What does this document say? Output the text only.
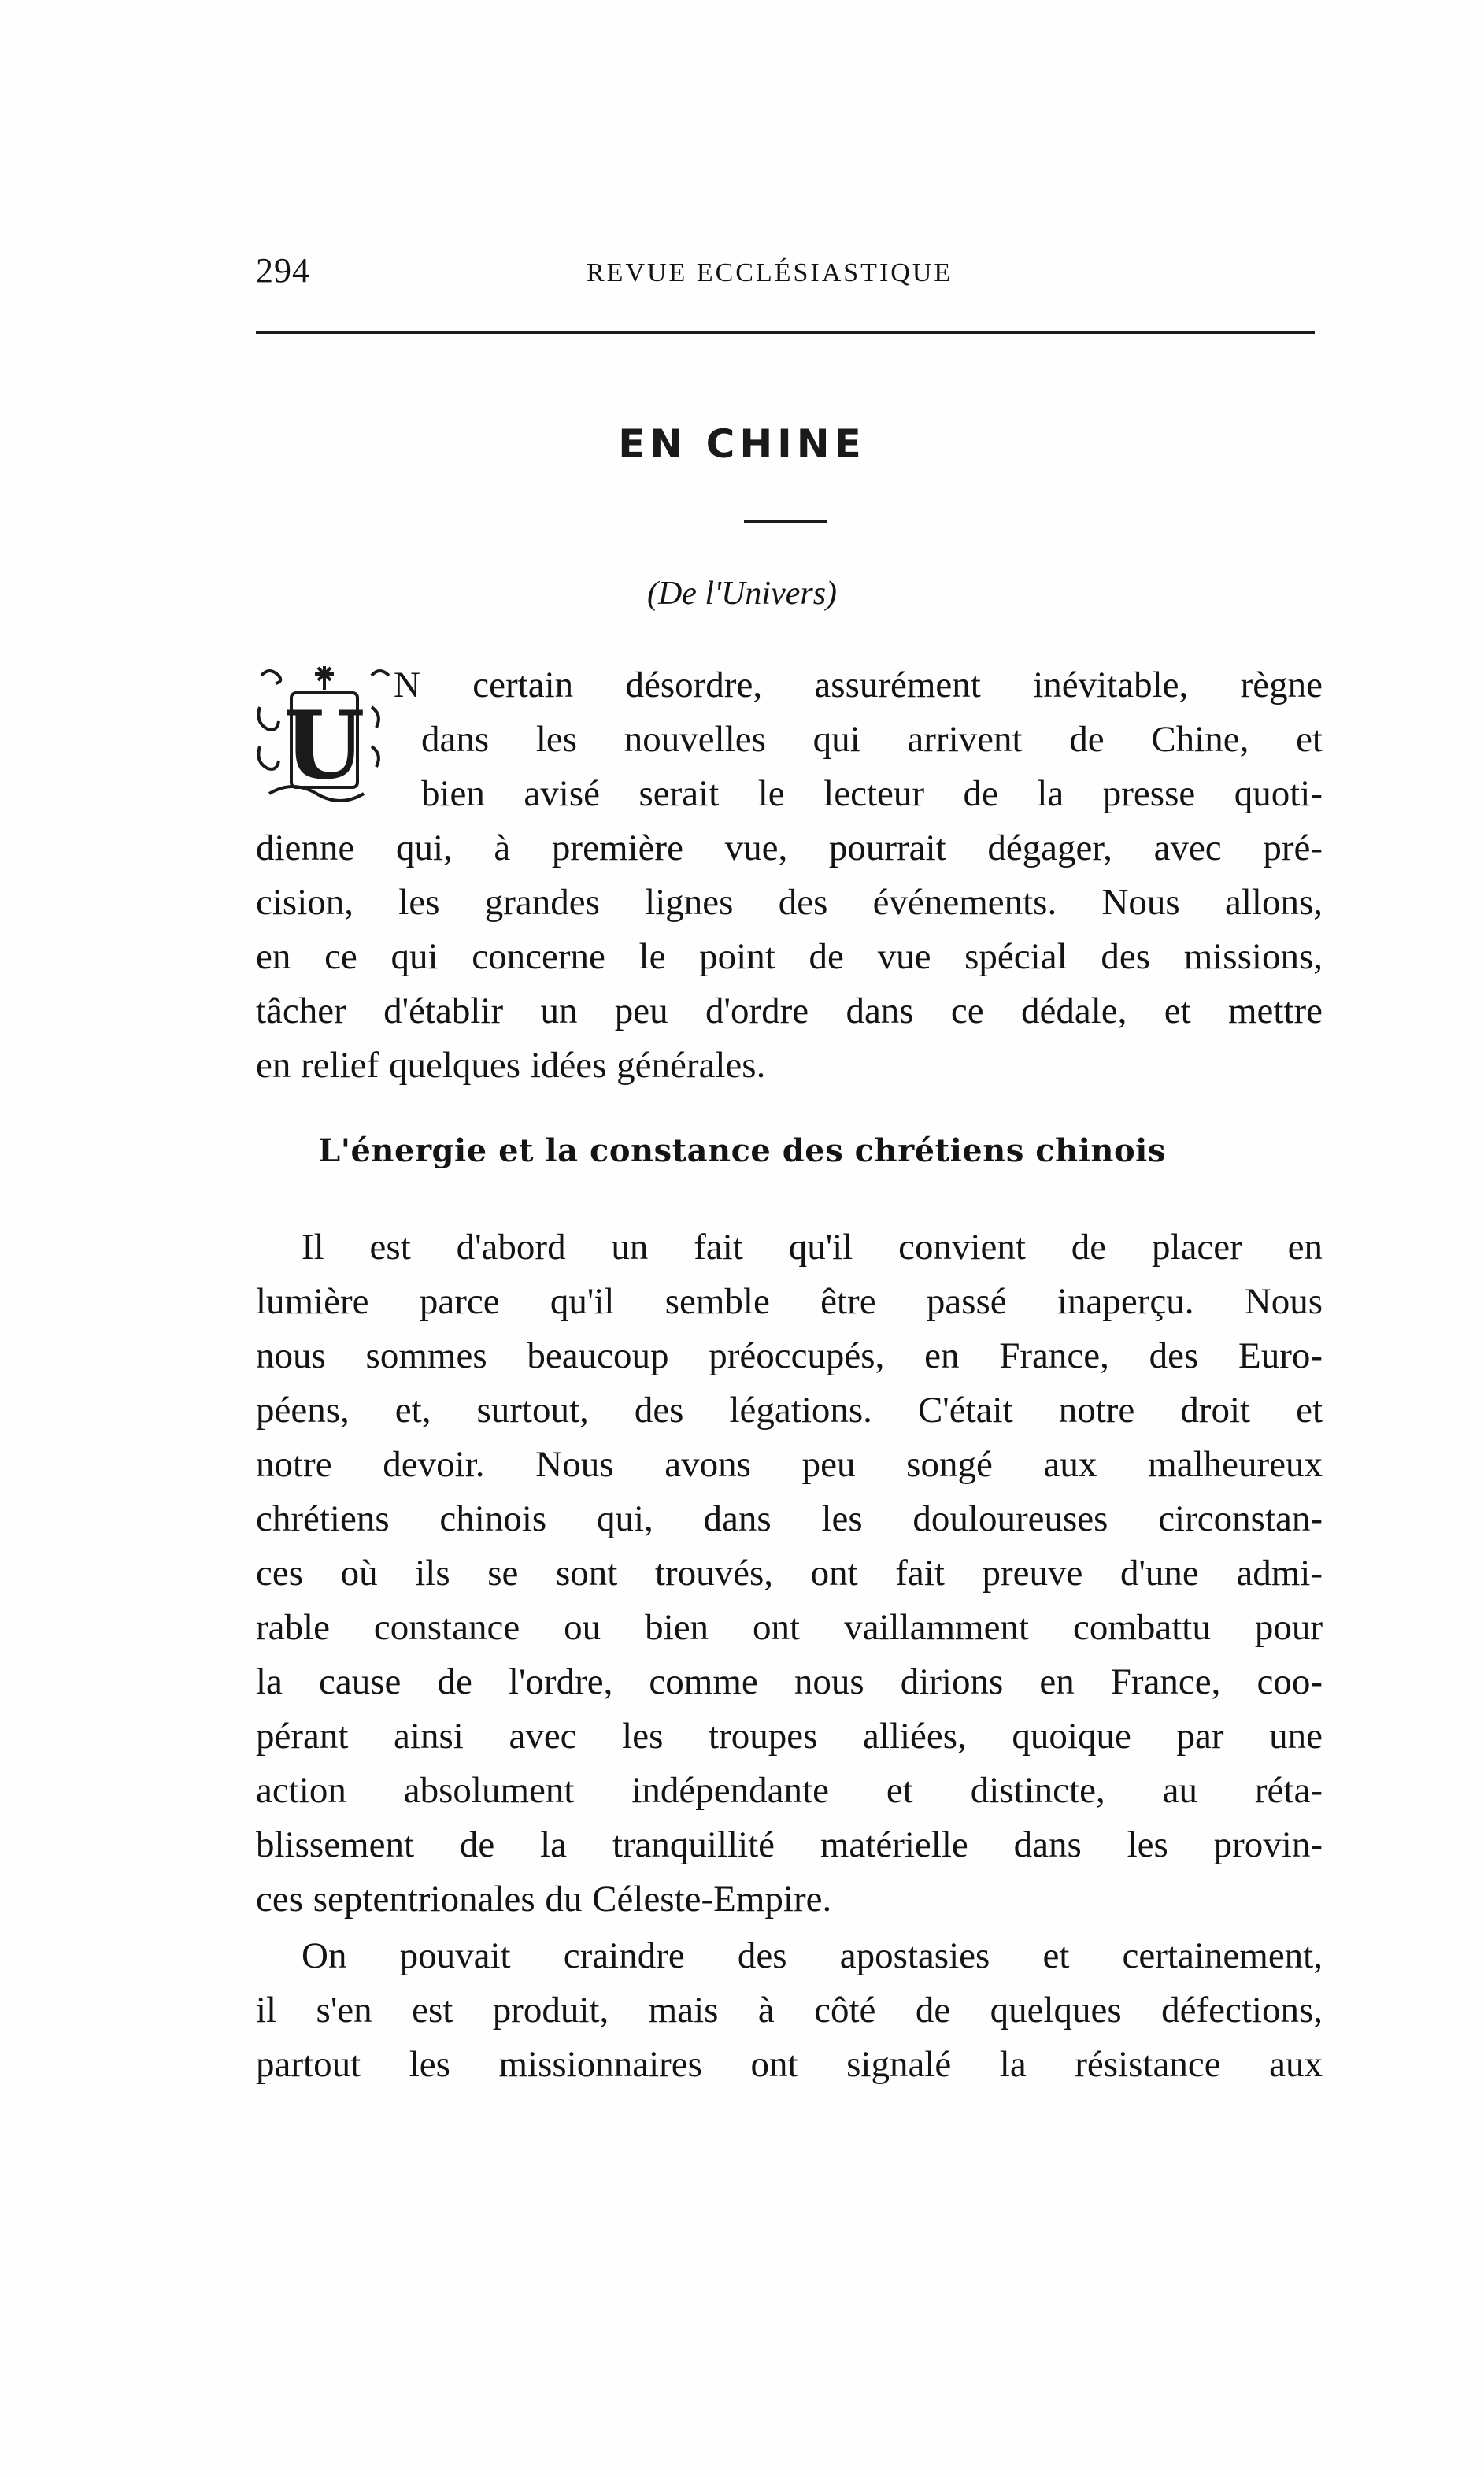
294	REVUE ECCLÉSIASTIQUE
EN CHINE
(De l'Univers)
U
N certain désordre, assurément inévitable, règne
dans les nouvelles qui arrivent de Chine, et
bien avisé serait le lecteur de la presse quoti-
dienne qui, à première vue, pourrait dégager, avec pré-
cision, les grandes lignes des événements. Nous allons,
en ce qui concerne le point de vue spécial des missions,
tâcher d'établir un peu d'ordre dans ce dédale, et mettre
en relief quelques idées générales.
L'énergie et la constance des chrétiens chinois
Il est d'abord un fait qu'il convient de placer en
lumière parce qu'il semble être passé inaperçu. Nous
nous sommes beaucoup préoccupés, en France, des Euro-
péens, et, surtout, des légations. C'était notre droit et
notre devoir. Nous avons peu songé aux malheureux
chrétiens chinois qui, dans les douloureuses circonstan-
ces où ils se sont trouvés, ont fait preuve d'une admi-
rable constance ou bien ont vaillamment combattu pour
la cause de l'ordre, comme nous dirions en France, coo-
pérant ainsi avec les troupes alliées, quoique par une
action absolument indépendante et distincte, au réta-
blissement de la tranquillité matérielle dans les provin-
ces septentrionales du Céleste-Empire.
On pouvait craindre des apostasies et certainement,
il s'en est produit, mais à côté de quelques défections,
partout les missionnaires ont signalé la résistance aux
